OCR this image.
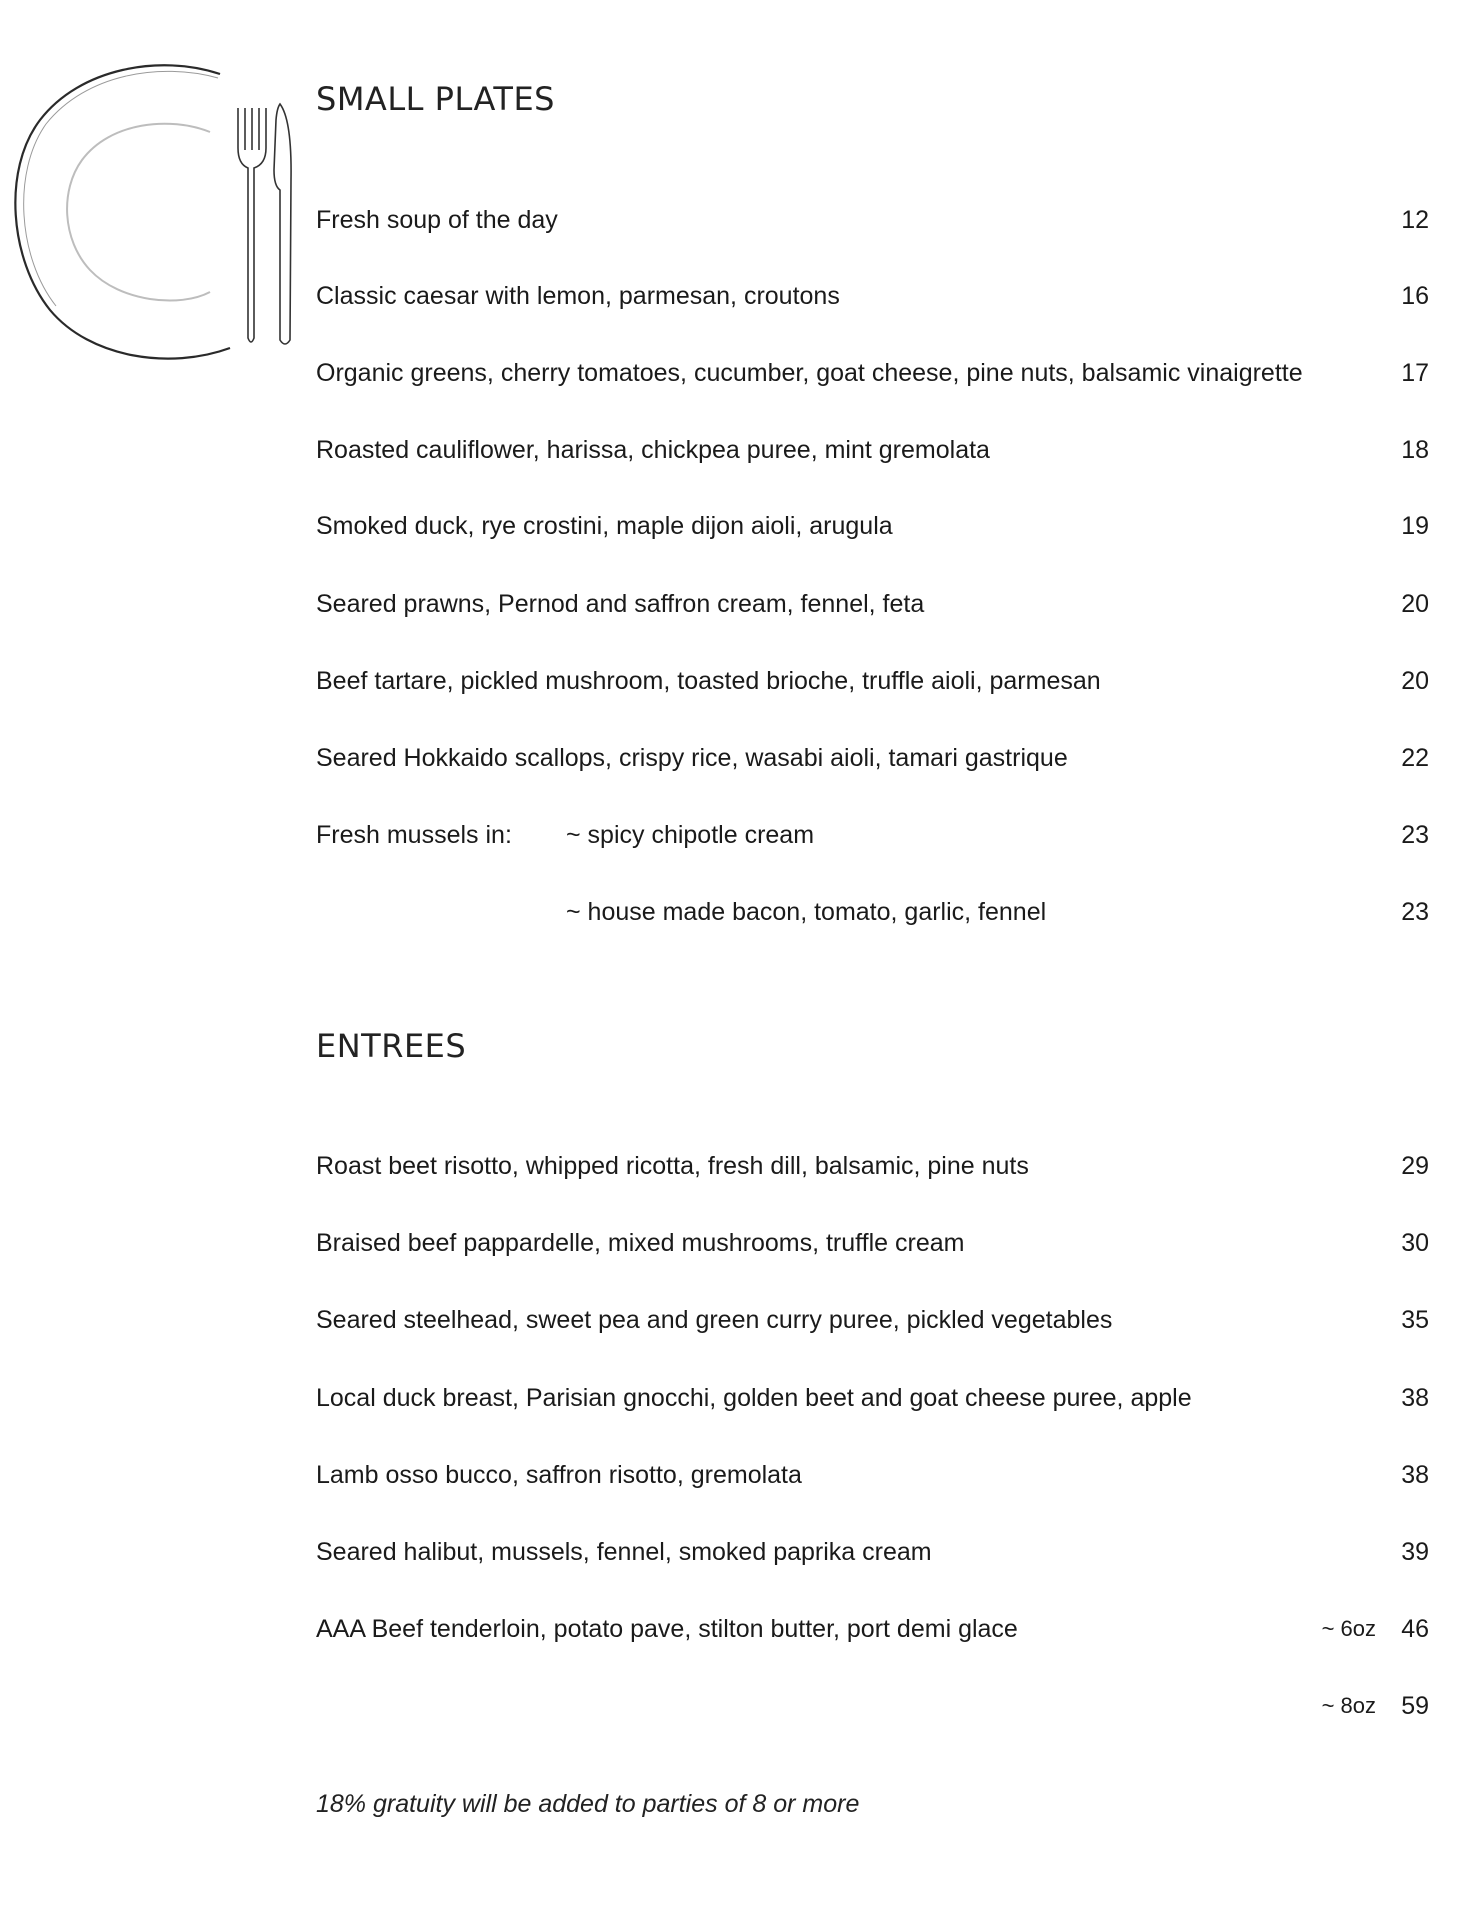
SMALL PLATES
Fresh soup of the day	12
Classic caesar with lemon, parmesan, croutons	16
Organic greens, cherry tomatoes, cucumber, goat cheese, pine nuts, balsamic vinaigrette	17
Roasted cauliflower, harissa, chickpea puree, mint gremolata	18
Smoked duck, rye crostini, maple dijon aioli, arugula	19
Seared prawns, Pernod and saffron cream, fennel, feta	20
Beef tartare, pickled mushroom, toasted brioche, truffle aioli, parmesan	20
Seared Hokkaido scallops, crispy rice, wasabi aioli, tamari gastrique	22
Fresh mussels in: ~ spicy chipotle cream	23
~ house made bacon, tomato, garlic, fennel	23
ENTREES
Roast beet risotto, whipped ricotta, fresh dill, balsamic, pine nuts	29
Braised beef pappardelle, mixed mushrooms, truffle cream	30
Seared steelhead, sweet pea and green curry puree, pickled vegetables	35
Local duck breast, Parisian gnocchi, golden beet and goat cheese puree, apple	38
Lamb osso bucco, saffron risotto, gremolata	38
Seared halibut, mussels, fennel, smoked paprika cream	39
AAA Beef tenderloin, potato pave, stilton butter, port demi glace	~ 6oz 46
~ 8oz 59
18% gratuity will be added to parties of 8 or more
